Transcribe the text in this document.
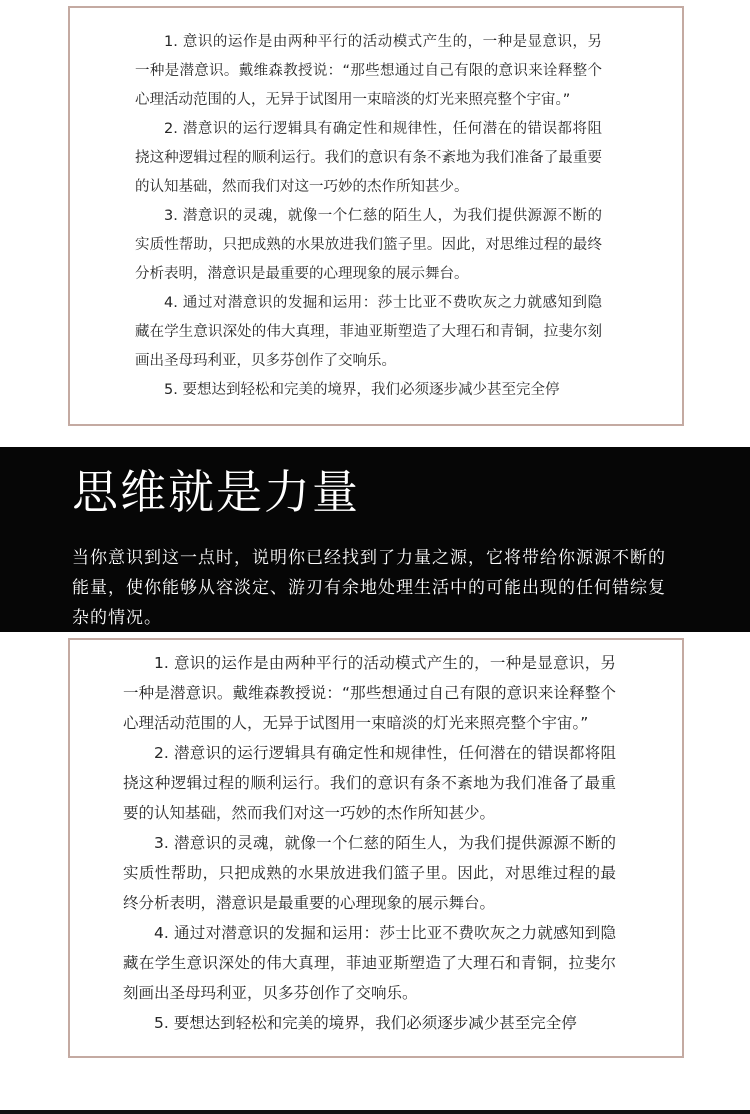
1. 意识的运作是由两种平行的活动模式产生的，一种是显意识，另一种是潜意识。戴维森教授说：“那些想通过自己有限的意识来诠释整个心理活动范围的人，无异于试图用一束暗淡的灯光来照亮整个宇宙。”

2. 潜意识的运行逻辑具有确定性和规律性，任何潜在的错误都将阻挠这种逻辑过程的顺利运行。我们的意识有条不紊地为我们准备了最重要的认知基础，然而我们对这一巧妙的杰作所知甚少。

3. 潜意识的灵魂，就像一个仁慈的陌生人，为我们提供源源不断的实质性帮助，只把成熟的水果放进我们篮子里。因此，对思维过程的最终分析表明，潜意识是最重要的心理现象的展示舞台。

4. 通过对潜意识的发掘和运用：莎士比亚不费吹灰之力就感知到隐藏在学生意识深处的伟大真理，菲迪亚斯塑造了大理石和青铜，拉斐尔刻画出圣母玛利亚，贝多芬创作了交响乐。

5. 要想达到轻松和完美的境界，我们必须逐步减少甚至完全停

思维就是力量

当你意识到这一点时，说明你已经找到了力量之源，它将带给你源源不断的能量，使你能够从容淡定、游刃有余地处理生活中的可能出现的任何错综复杂的情况。

1. 意识的运作是由两种平行的活动模式产生的，一种是显意识，另一种是潜意识。戴维森教授说：“那些想通过自己有限的意识来诠释整个心理活动范围的人，无异于试图用一束暗淡的灯光来照亮整个宇宙。”

2. 潜意识的运行逻辑具有确定性和规律性，任何潜在的错误都将阻挠这种逻辑过程的顺利运行。我们的意识有条不紊地为我们准备了最重要的认知基础，然而我们对这一巧妙的杰作所知甚少。

3. 潜意识的灵魂，就像一个仁慈的陌生人，为我们提供源源不断的实质性帮助，只把成熟的水果放进我们篮子里。因此，对思维过程的最终分析表明，潜意识是最重要的心理现象的展示舞台。

4. 通过对潜意识的发掘和运用：莎士比亚不费吹灰之力就感知到隐藏在学生意识深处的伟大真理，菲迪亚斯塑造了大理石和青铜，拉斐尔刻画出圣母玛利亚，贝多芬创作了交响乐。

5. 要想达到轻松和完美的境界，我们必须逐步减少甚至完全停
